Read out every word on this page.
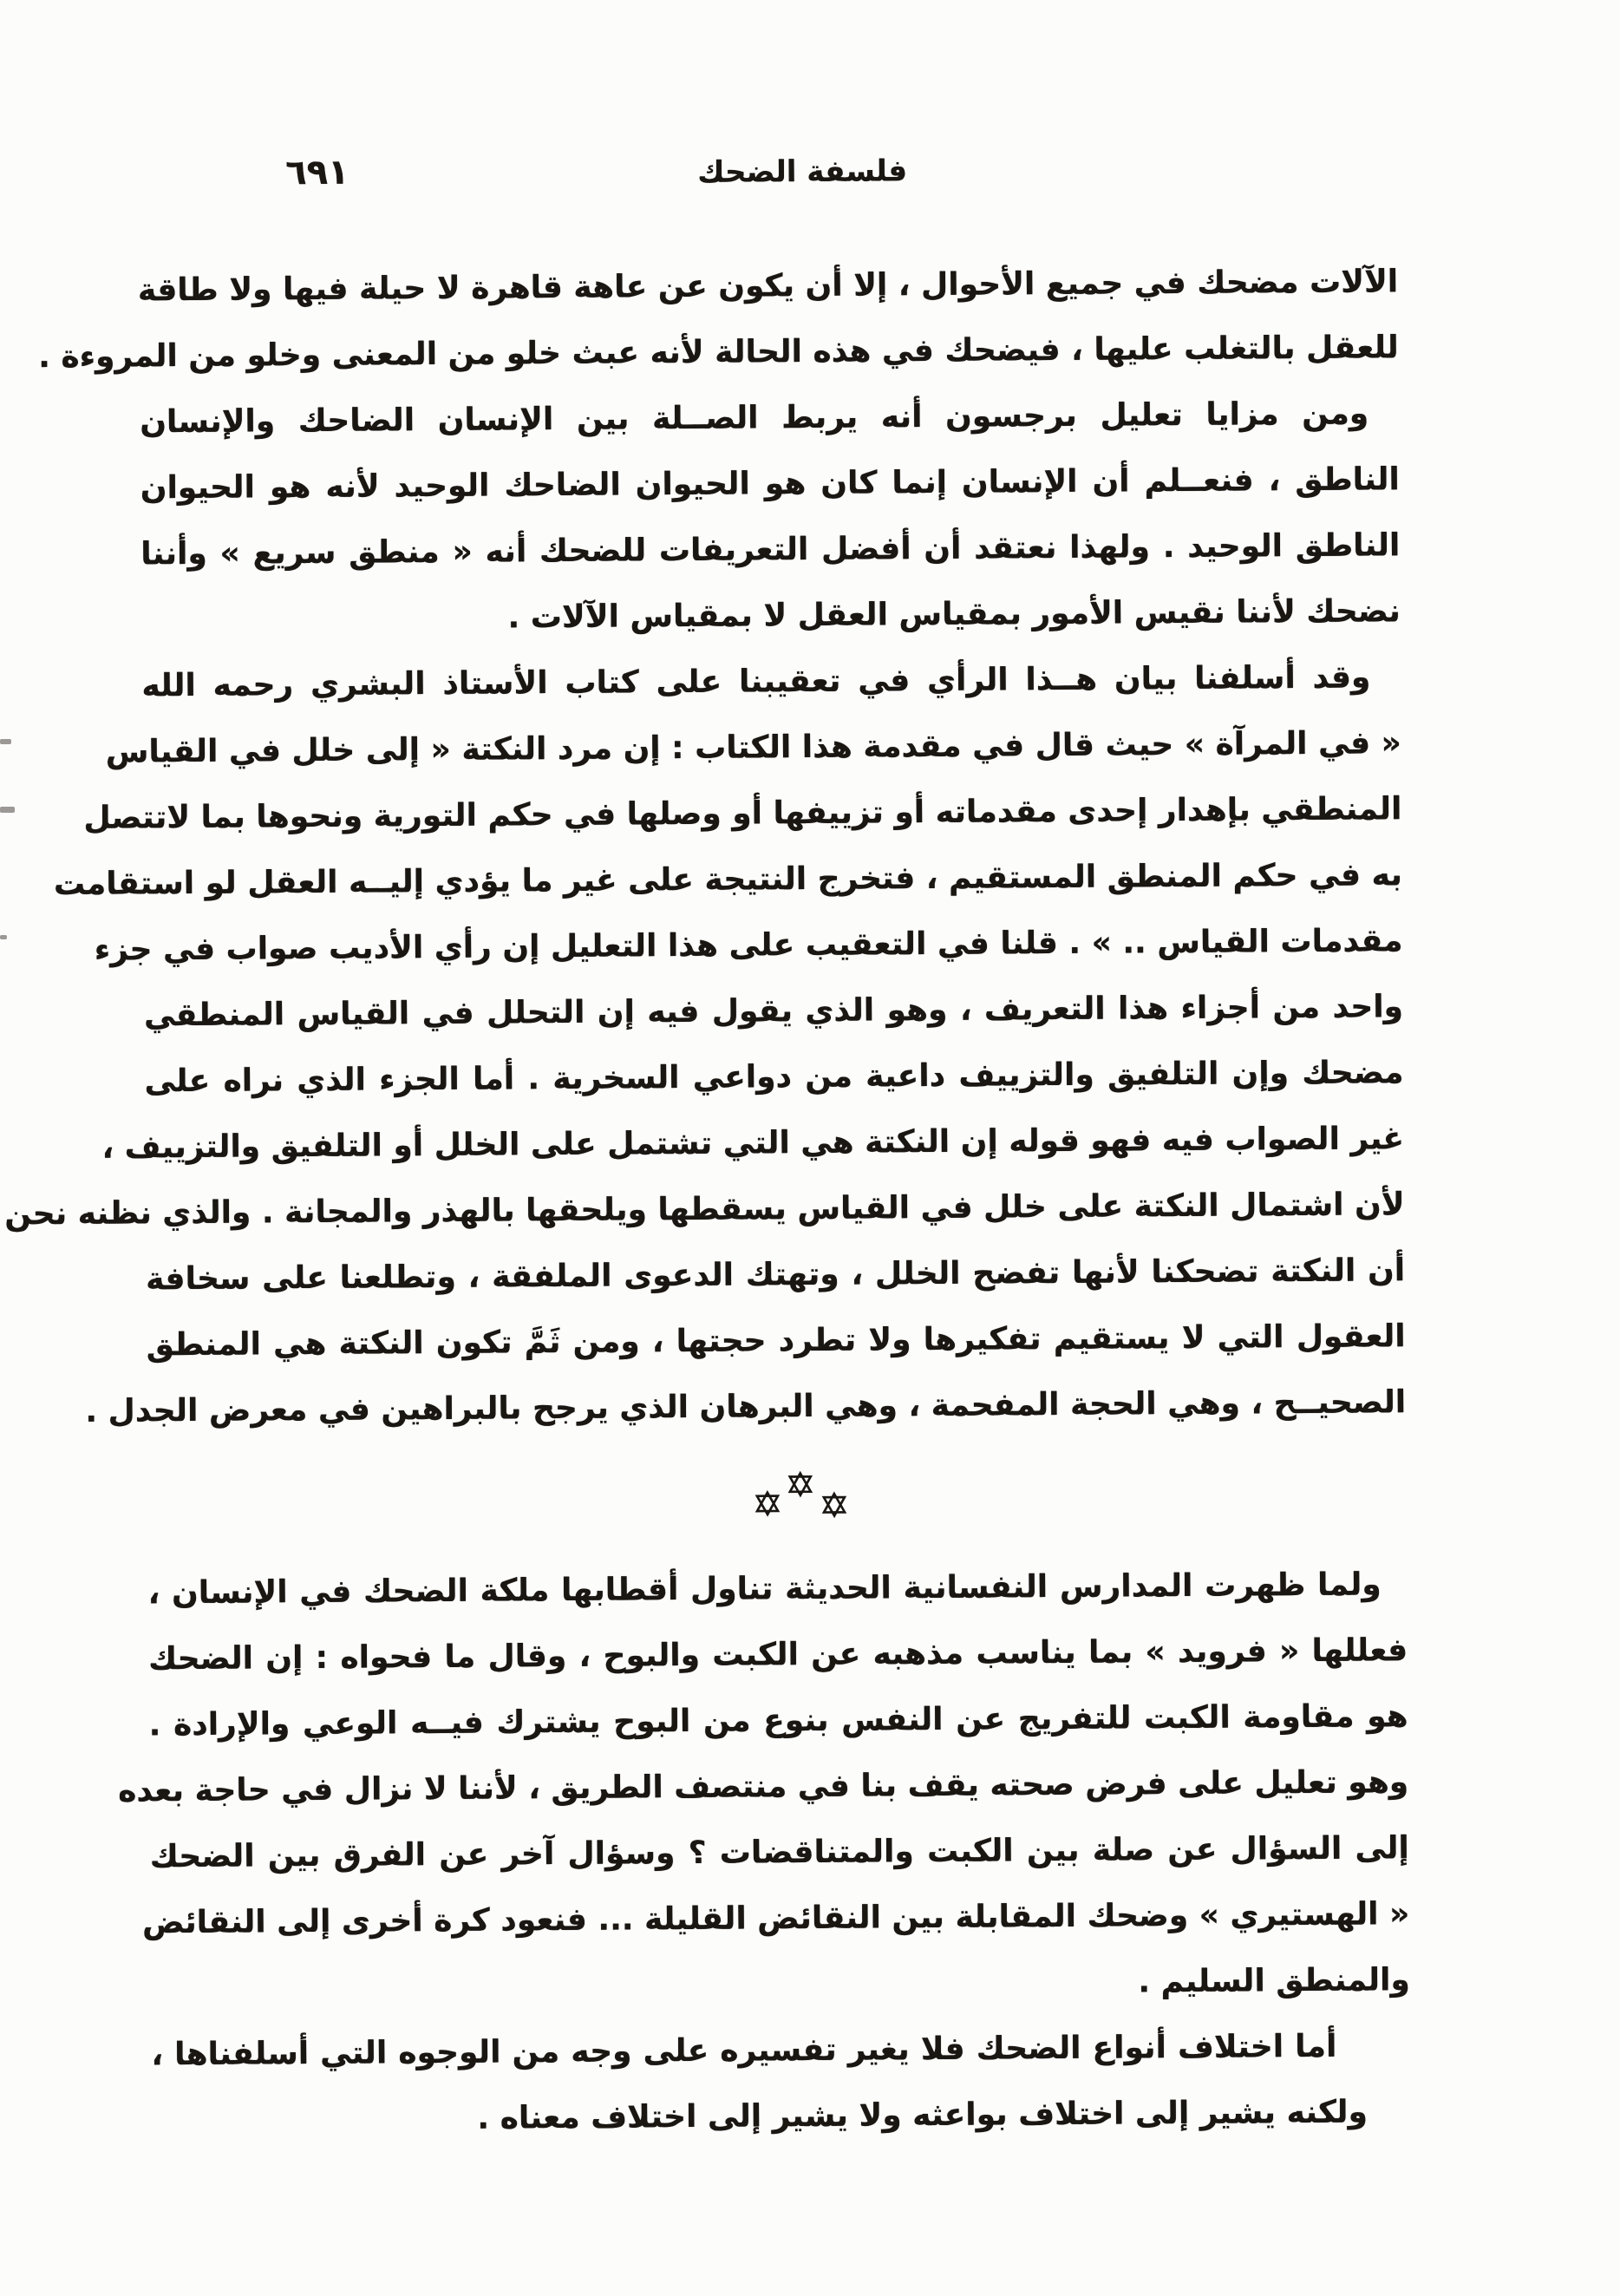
٦٩١	فلسفة الضحك
الآلات مضحك في جميع الأحوال ، إلا أن يكون عن عاهة قاهرة لا حيلة فيها ولا طاقة
للعقل بالتغلب عليها ، فيضحك في هذه الحالة لأنه عبث خلو من المعنى وخلو من المروءة .
ومن مزايا تعليل برجسون أنه يربط الصــلة بين الإنسان الضاحك والإنسان
الناطق ، فنعــلم أن الإنسان إنما كان هو الحيوان الضاحك الوحيد لأنه هو الحيوان
الناطق الوحيد . ولهذا نعتقد أن أفضل التعريفات للضحك أنه « منطق سريع » وأننا
نضحك لأننا نقيس الأمور بمقياس العقل لا بمقياس الآلات .
وقد أسلفنا بيان هــذا الرأي في تعقيبنا على كتاب الأستاذ البشري رحمه الله
« في المرآة » حيث قال في مقدمة هذا الكتاب : إن مرد النكتة « إلى خلل في القياس
المنطقي بإهدار إحدى مقدماته أو تزييفها أو وصلها في حكم التورية ونحوها بما لاتتصل
به في حكم المنطق المستقيم ، فتخرج النتيجة على غير ما يؤدي إليــه العقل لو استقامت
مقدمات القياس .. » . قلنا في التعقيب على هذا التعليل إن رأي الأديب صواب في جزء
واحد من أجزاء هذا التعريف ، وهو الذي يقول فيه إن التحلل في القياس المنطقي
مضحك وإن التلفيق والتزييف داعية من دواعي السخرية . أما الجزء الذي نراه على
غير الصواب فيه فهو قوله إن النكتة هي التي تشتمل على الخلل أو التلفيق والتزييف ،
لأن اشتمال النكتة على خلل في القياس يسقطها ويلحقها بالهذر والمجانة . والذي نظنه نحن
أن النكتة تضحكنا لأنها تفضح الخلل ، وتهتك الدعوى الملفقة ، وتطلعنا على سخافة
العقول التي لا يستقيم تفكيرها ولا تطرد حجتها ، ومن ثَمَّ تكون النكتة هي المنطق
الصحيــح ، وهي الحجة المفحمة ، وهي البرهان الذي يرجح بالبراهين في معرض الجدل .
ولما ظهرت المدارس النفسانية الحديثة تناول أقطابها ملكة الضحك في الإنسان ،
فعللها « فرويد » بما يناسب مذهبه عن الكبت والبوح ، وقال ما فحواه : إن الضحك
هو مقاومة الكبت للتفريج عن النفس بنوع من البوح يشترك فيــه الوعي والإرادة .
وهو تعليل على فرض صحته يقف بنا في منتصف الطريق ، لأننا لا نزال في حاجة بعده
إلى السؤال عن صلة بين الكبت والمتناقضات ؟ وسؤال آخر عن الفرق بين الضحك
« الهستيري » وضحك المقابلة بين النقائض القليلة ... فنعود كرة أخرى إلى النقائض
والمنطق السليم .
أما اختلاف أنواع الضحك فلا يغير تفسيره على وجه من الوجوه التي أسلفناها ،
ولكنه يشير إلى اختلاف بواعثه ولا يشير إلى اختلاف معناه .
